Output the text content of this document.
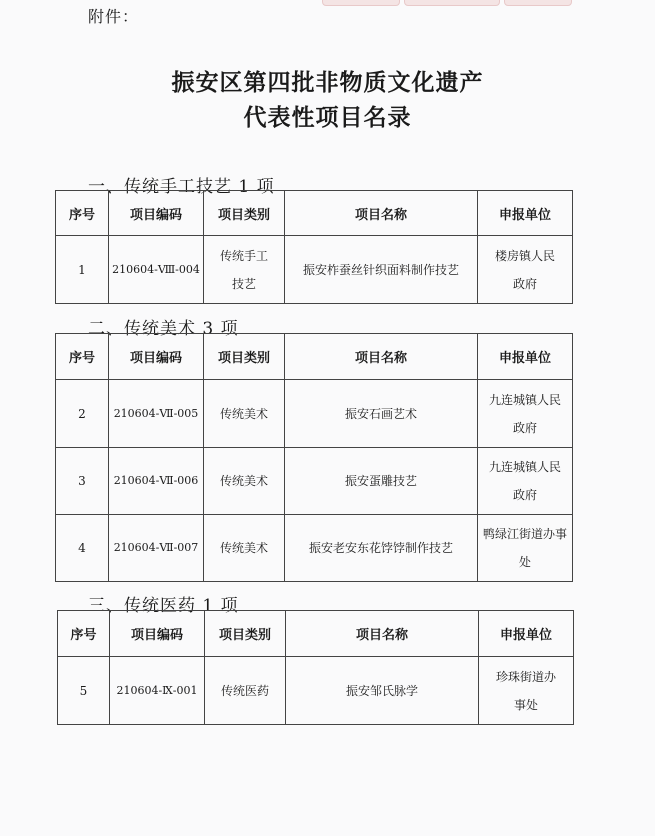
附件：
振安区第四批非物质文化遗产
代表性项目名录
一、传统手工技艺 1 项
序号	项目编码	项目类别	项目名称	申报单位
1	210604-Ⅷ-004	传统手工技艺	振安柞蚕丝针织面料制作技艺	楼房镇人民政府
二、传统美术 3 项
序号	项目编码	项目类别	项目名称	申报单位
2	210604-Ⅶ-005	传统美术	振安石画艺术	九连城镇人民政府
3	210604-Ⅶ-006	传统美术	振安蛋雕技艺	九连城镇人民政府
4	210604-Ⅶ-007	传统美术	振安老安东花饽饽制作技艺	鸭绿江街道办事处
三、传统医药 1 项
序号	项目编码	项目类别	项目名称	申报单位
5	210604-Ⅸ-001	传统医药	振安邹氏脉学	珍珠街道办事处
